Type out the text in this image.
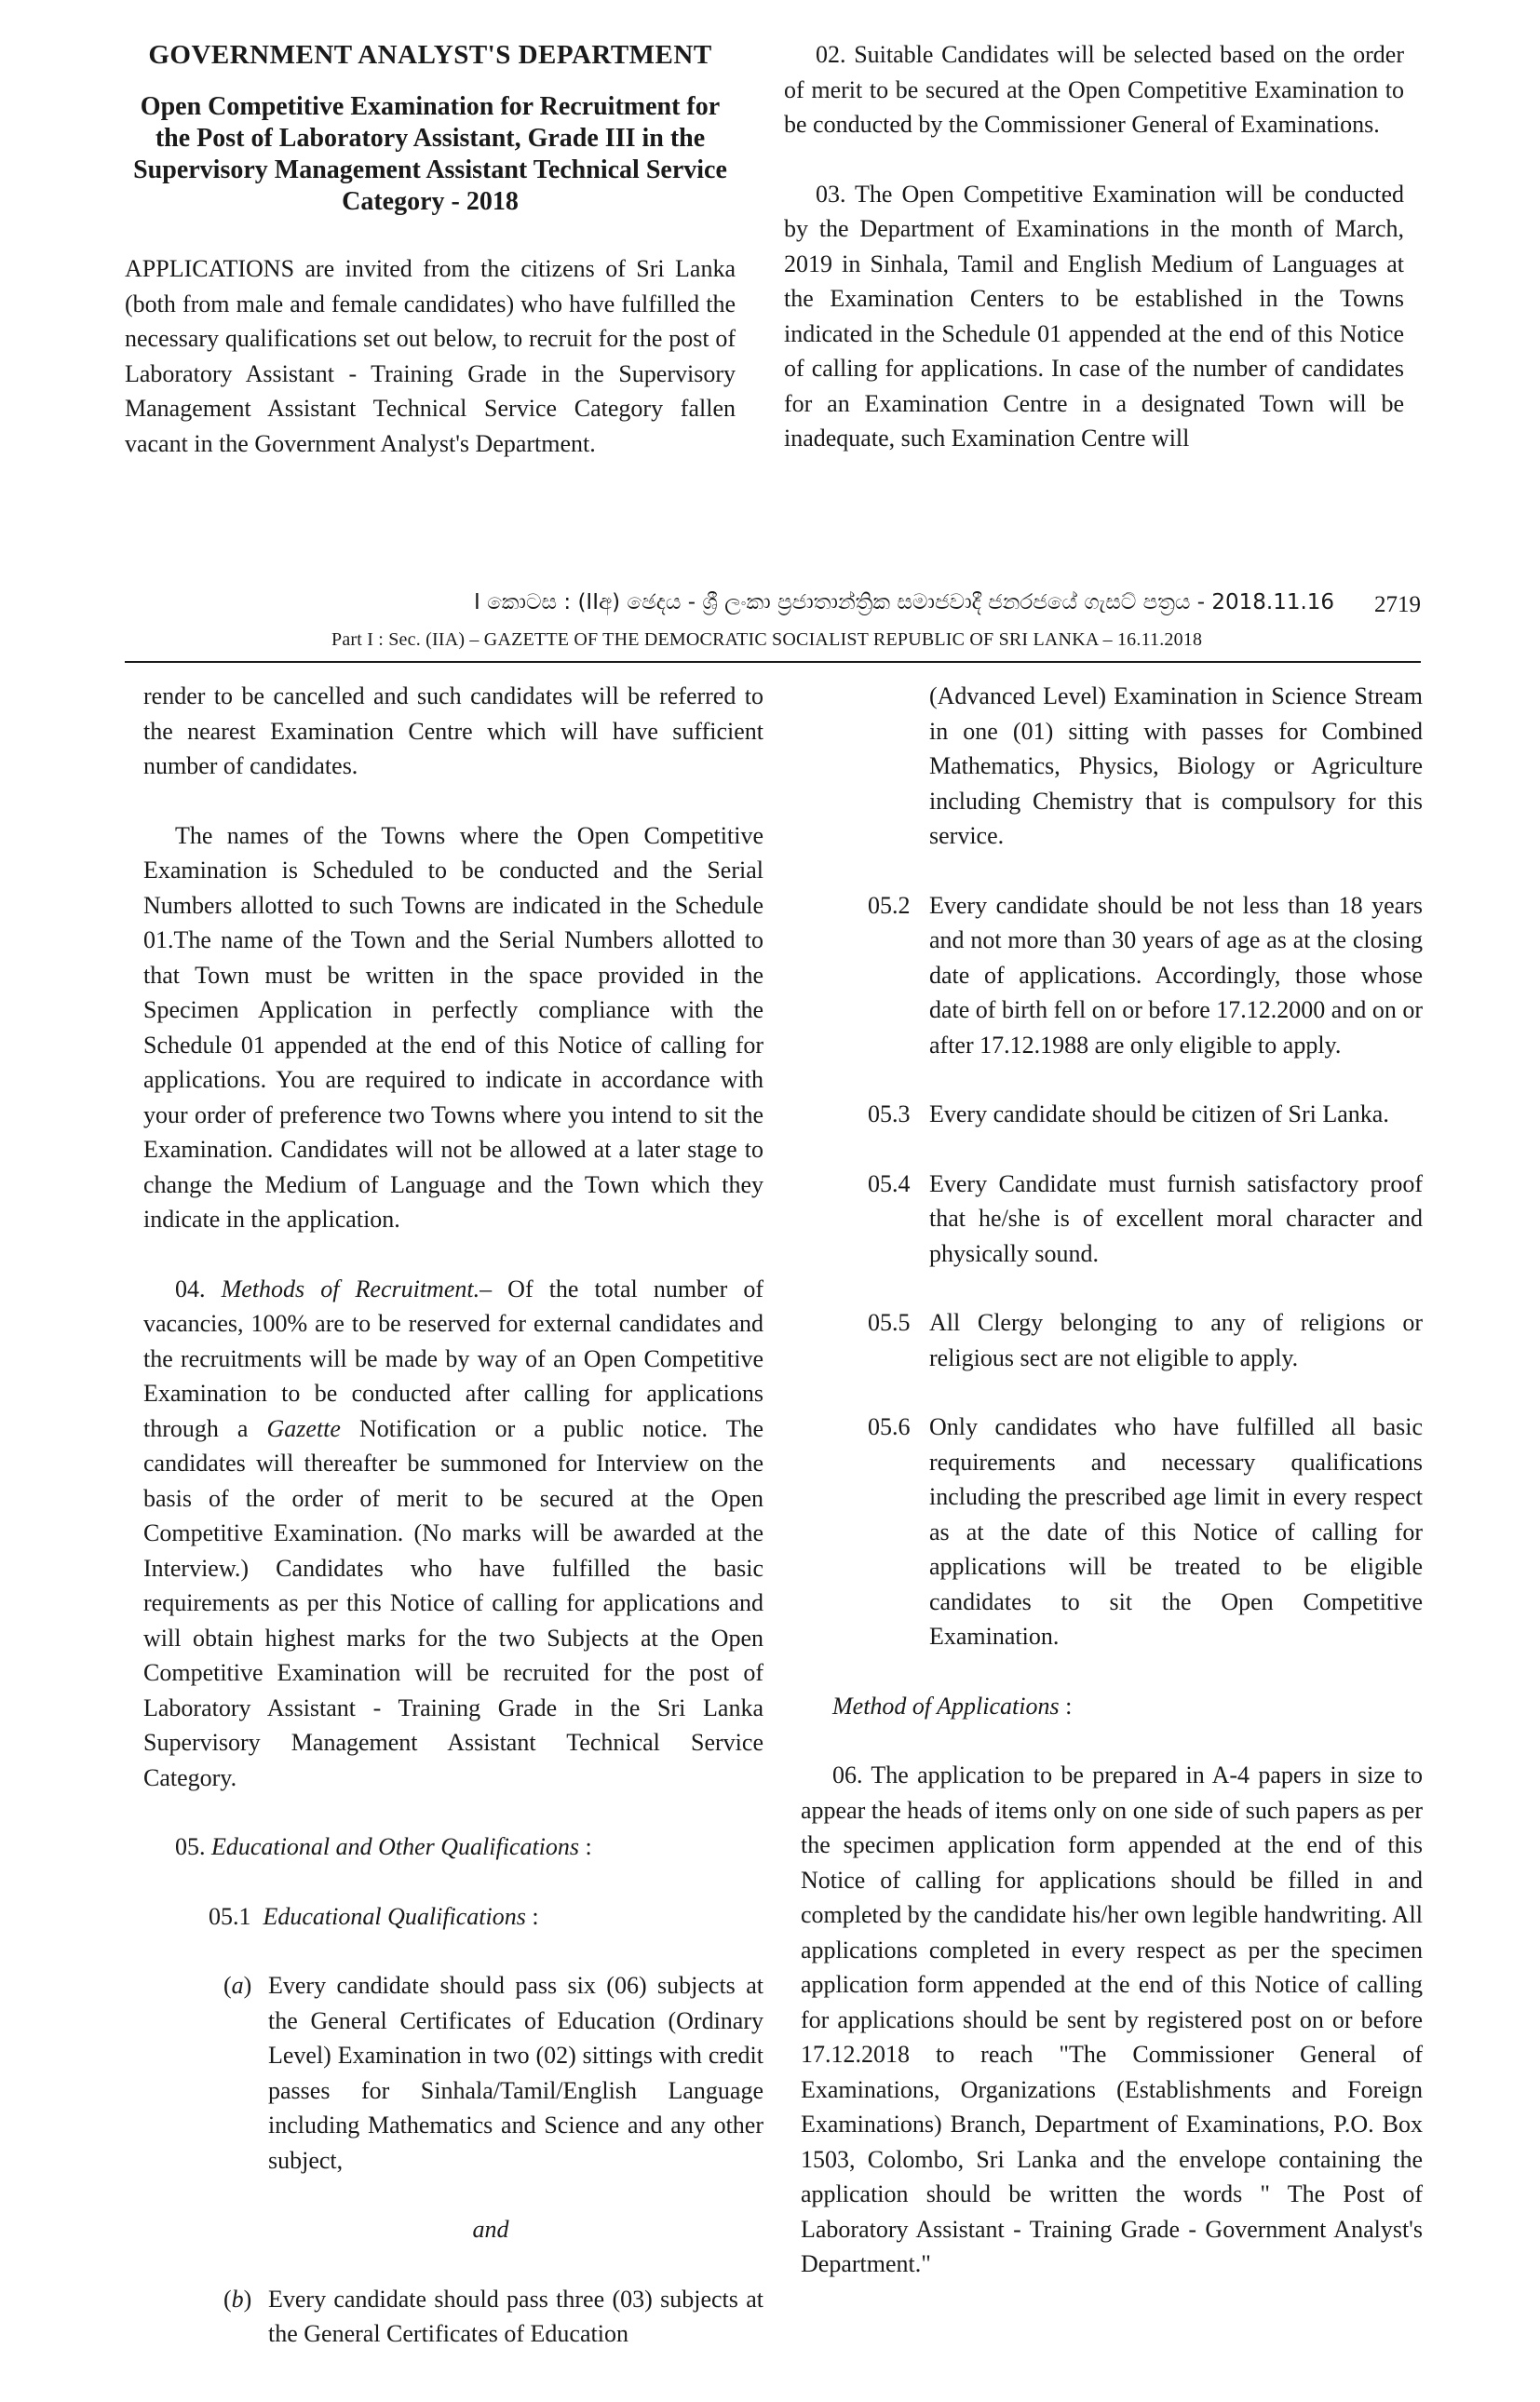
GOVERNMENT ANALYST'S DEPARTMENT
Open Competitive Examination for Recruitment for the Post of Laboratory Assistant, Grade III in the Supervisory Management Assistant Technical Service Category - 2018

APPLICATIONS are invited from the citizens of Sri Lanka (both from male and female candidates) who have fulfilled the necessary qualifications set out below, to recruit for the post of Laboratory Assistant - Training Grade in the Supervisory Management Assistant Technical Service Category fallen vacant in the Government Analyst's Department.

02. Suitable Candidates will be selected based on the order of merit to be secured at the Open Competitive Examination to be conducted by the Commissioner General of Examinations.

03. The Open Competitive Examination will be conducted by the Department of Examinations in the month of March, 2019 in Sinhala, Tamil and English Medium of Languages at the Examination Centers to be established in the Towns indicated in the Schedule 01 appended at the end of this Notice of calling for applications. In case of the number of candidates for an Examination Centre in a designated Town will be inadequate, such Examination Centre will

I කොටස : (IIඅ) ඡෙදය - ශ්‍රී ලංකා ප්‍රජාතාන්ත්‍රික සමාජවාදී ජනරජයේ ගැසට් පත්‍රය - 2018.11.16 2719
Part I : Sec. (IIA) – GAZETTE OF THE DEMOCRATIC SOCIALIST REPUBLIC OF SRI LANKA – 16.11.2018

render to be cancelled and such candidates will be referred to the nearest Examination Centre which will have sufficient number of candidates.

The names of the Towns where the Open Competitive Examination is Scheduled to be conducted and the Serial Numbers allotted to such Towns are indicated in the Schedule 01.The name of the Town and the Serial Numbers allotted to that Town must be written in the space provided in the Specimen Application in perfectly compliance with the Schedule 01 appended at the end of this Notice of calling for applications. You are required to indicate in accordance with your order of preference two Towns where you intend to sit the Examination. Candidates will not be allowed at a later stage to change the Medium of Language and the Town which they indicate in the application.

04. Methods of Recruitment.– Of the total number of vacancies, 100% are to be reserved for external candidates and the recruitments will be made by way of an Open Competitive Examination to be conducted after calling for applications through a Gazette Notification or a public notice. The candidates will thereafter be summoned for Interview on the basis of the order of merit to be secured at the Open Competitive Examination. (No marks will be awarded at the Interview.) Candidates who have fulfilled the basic requirements as per this Notice of calling for applications and will obtain highest marks for the two Subjects at the Open Competitive Examination will be recruited for the post of Laboratory Assistant - Training Grade in the Sri Lanka Supervisory Management Assistant Technical Service Category.

05. Educational and Other Qualifications :

05.1 Educational Qualifications :

(a) Every candidate should pass six (06) subjects at the General Certificates of Education (Ordinary Level) Examination in two (02) sittings with credit passes for Sinhala/Tamil/English Language including Mathematics and Science and any other subject,

and

(b) Every candidate should pass three (03) subjects at the General Certificates of Education

(Advanced Level) Examination in Science Stream in one (01) sitting with passes for Combined Mathematics, Physics, Biology or Agriculture including Chemistry that is compulsory for this service.

05.2 Every candidate should be not less than 18 years and not more than 30 years of age as at the closing date of applications. Accordingly, those whose date of birth fell on or before 17.12.2000 and on or after 17.12.1988 are only eligible to apply.

05.3 Every candidate should be citizen of Sri Lanka.

05.4 Every Candidate must furnish satisfactory proof that he/she is of excellent moral character and physically sound.

05.5 All Clergy belonging to any of religions or religious sect are not eligible to apply.

05.6 Only candidates who have fulfilled all basic requirements and necessary qualifications including the prescribed age limit in every respect as at the date of this Notice of calling for applications will be treated to be eligible candidates to sit the Open Competitive Examination.

Method of Applications :

06. The application to be prepared in A-4 papers in size to appear the heads of items only on one side of such papers as per the specimen application form appended at the end of this Notice of calling for applications should be filled in and completed by the candidate his/her own legible handwriting. All applications completed in every respect as per the specimen application form appended at the end of this Notice of calling for applications should be sent by registered post on or before 17.12.2018 to reach "The Commissioner General of Examinations, Organizations (Establishments and Foreign Examinations) Branch, Department of Examinations, P.O. Box 1503, Colombo, Sri Lanka and the envelope containing the application should be written the words " The Post of Laboratory Assistant - Training Grade - Government Analyst's Department."
